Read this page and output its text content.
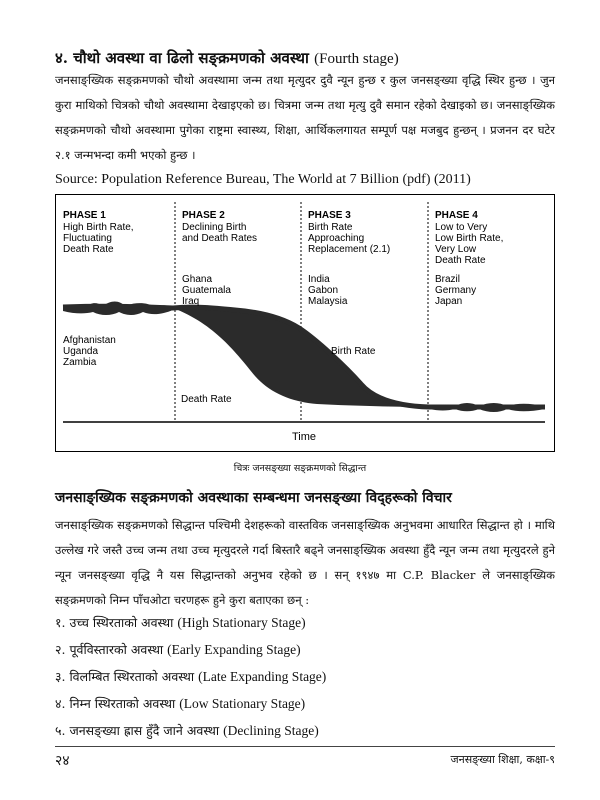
४. चौथो अवस्था वा ढिलो सङ्क्रमणको अवस्था (Fourth stage)
जनसाङ्ख्यिक सङ्क्रमणको चौथो अवस्थामा जन्म तथा मृत्युदर दुवै न्यून हुन्छ र कुल जनसङ्ख्या वृद्धि स्थिर हुन्छ । जुन कुरा माथिको चित्रको चौथो अवस्थामा देखाइएको छ। चित्रमा जन्म तथा मृत्यु दुवै समान रहेको देखाइको छ। जनसाङ्ख्यिक सङ्क्रमणको चौथो अवस्थामा पुगेका राष्ट्रमा स्वास्थ्य, शिक्षा, आर्थिकलगायत सम्पूर्ण पक्ष मजबुद हुन्छन् । प्रजनन दर घटेर २.१ जन्मभन्दा कमी भएको हुन्छ ।
Source: Population Reference Bureau, The World at 7 Billion (pdf) (2011)
Time
Birth Rate
Death Rate
PHASE 1
High Birth Rate,
Fluctuating
Death Rate
Afghanistan
Uganda
Zambia
PHASE 2
Declining Birth
and Death Rates
Ghana
Guatemala
Iraq
PHASE 3
Birth Rate
Approaching
Replacement (2.1)
India
Gabon
Malaysia
PHASE 4
Low to Very
Low Birth Rate,
Very Low
Death Rate
Brazil
Germany
Japan
चित्रः जनसङ्ख्या सङ्क्रमणको सिद्धान्त
जनसाङ्ख्यिक सङ्क्रमणको अवस्थाका सम्बन्धमा जनसङ्ख्या विद्हरूको विचार
जनसाङ्ख्यिक सङ्क्रमणको सिद्धान्त पश्चिमी देशहरूको वास्तविक जनसाङ्ख्यिक अनुभवमा आधारित सिद्धान्त हो । माथि उल्लेख गरे जस्तै उच्च जन्म तथा उच्च मृत्युदरले गर्दा बिस्तारै बढ्ने जनसाङ्ख्यिक अवस्था हुँदै न्यून जन्म तथा मृत्युदरले हुने न्यून जनसङ्ख्या वृद्धि नै यस सिद्धान्तको अनुभव रहेको छ । सन् १९४७ मा C.P. Blacker ले जनसाङ्ख्यिक सङ्क्रमणको निम्न पाँचओटा चरणहरू हुने कुरा बताएका छन् :
१. उच्च स्थिरताको अवस्था (High Stationary Stage)
२. पूर्वविस्तारको अवस्था (Early Expanding Stage)
३. विलम्बित स्थिरताको अवस्था (Late Expanding Stage)
४. निम्न स्थिरताको अवस्था (Low Stationary Stage)
५. जनसङ्ख्या ह्रास हुँदै जाने अवस्था (Declining Stage)
२४	जनसङ्ख्या शिक्षा, कक्षा-९
